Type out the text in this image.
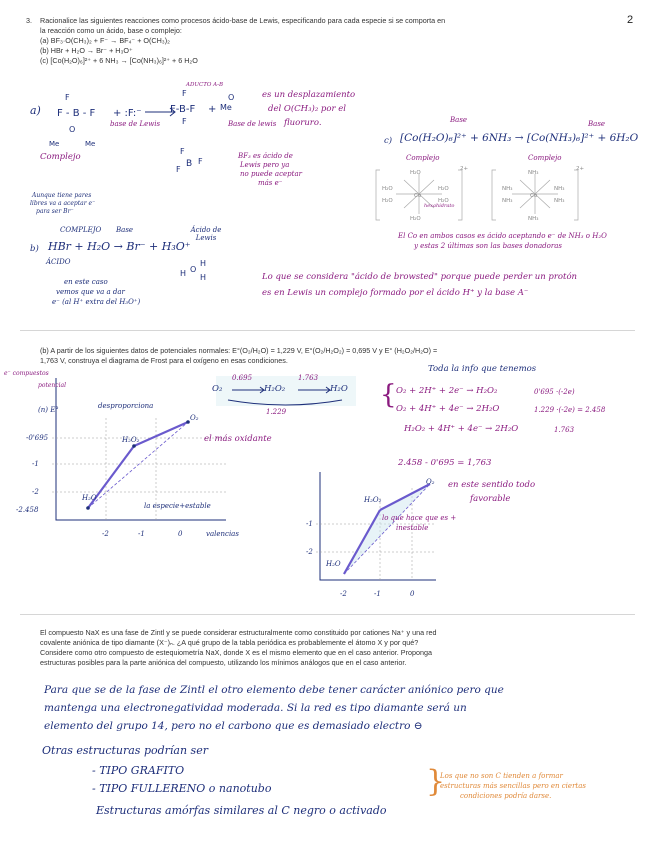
2
3. Racionalice las siguientes reacciones como procesos ácido-base de Lewis, especificando para cada especie si se comporta en
la reacción como un ácido, base o complejo:
(a) BF₃·O(CH₃)₂ + F⁻ → BF₄⁻ + O(CH₃)₂
(b) HBr + H₂O → Br⁻ + H₃O⁺
(c) [Co(H₂O)₆]²⁺ + 6 NH₃ → [Co(NH₃)₆]²⁺ + 6 H₂O
a) F - B - F
F
O
Me	Me
+ :F:⁻
base de Lewis
Complejo
F-B-F
F
F
+ Me
O
ADUCTO A-B
Base de lewis
F
B
F
F
BF₃ es ácido de
Lewis pero ya
no puede aceptar
más e⁻
es un desplazamiento
del O(CH₃)₂ por el
fluoruro.	Base	Base
c) [Co(H₂O)₆]²⁺ + 6NH₃ → [Co(NH₃)₆]²⁺ + 6H₂O
Complejo	Complejo
H₂O
H₂O	H₂O
H₂O	H₂O
H₂O
Co
NH₃
NH₃	NH₃
NH₃	NH₃
NH₃
Co
2+	2+
hexahidrato
El Co en ambos casos es ácido aceptando e⁻ de NH₃ o H₂O
y estas 2 últimas son las bases donadoras
Aunque tiene pares
libres va a aceptar e⁻
para ser Br⁻
COMPLEJO Base	Ácido de Lewis
b) HBr + H₂O → Br⁻ + H₃O⁺
ÁCIDO
H O
H
H
en este caso
vemos que va a dar
e⁻ (al H⁺ extra del H₃O⁺)
Lo que se considera "ácido de browsted" porque puede perder un protón
es en Lewis un complejo formado por el ácido H⁺ y la base A⁻
(b) A partir de los siguientes datos de potenciales normales: E°(O₂/H₂O) = 1,229 V, E°(O₂/H₂O₂) = 0,695 V y E° (H₂O₂/H₂O) =
1,763 V, construya el diagrama de Frost para el oxígeno en esas condiciones.
O₂	H₂O₂	H₂O
0.695	1.763
1.229
Toda la info que tenemos
{ O₂ + 2H⁺ + 2e⁻ → H₂O₂	0'695 ·(-2e)
O₂ + 4H⁺ + 4e⁻ → 2H₂O	1.229 ·(-2e) = 2.458
H₂O₂ + 4H⁺ + 4e⁻ → 2H₂O	1.763
2.458 - 0'695 = 1,763
e⁻ compuestos
potencial
(n) E°	desproporciona
O₂
H₂O₂	el más oxidante
H₂O
la especie+estable
valencias
-0'695
-1
-2
-2.458
-2	-1	0
O₂
H₂O₂
H₂O
en este sentido todo
favorable
lo que hace que es +
inestable
-1
-2
-2	-1	0
El compuesto NaX es una fase de Zintl y se puede considerar estructuralmente como constituido por cationes Na⁺ y una red
covalente aniónica de tipo diamante (X⁻)ₙ. ¿A qué grupo de la tabla periódica es probablemente el átomo X y por qué?
Considere como otro compuesto de estequiometría NaX, donde X es el mismo elemento que en el caso anterior. Proponga
estructuras posibles para la parte aniónica del compuesto, utilizando los mínimos análogos que en el caso anterior.
Para que se de la fase de Zintl el otro elemento debe tener carácter aniónico pero que
mantenga una electronegatividad moderada. Si la red es tipo diamante será un
elemento del grupo 14, pero no el carbono que es demasiado electro ⊖
Otras estructuras podrían ser
- TIPO GRAFITO
- TIPO FULLERENO o nanotubo
Estructuras amórfas similares al C negro o activado
}
Los que no son C tienden a formar
estructuras más sencillas pero en ciertas
condiciones podría darse.
